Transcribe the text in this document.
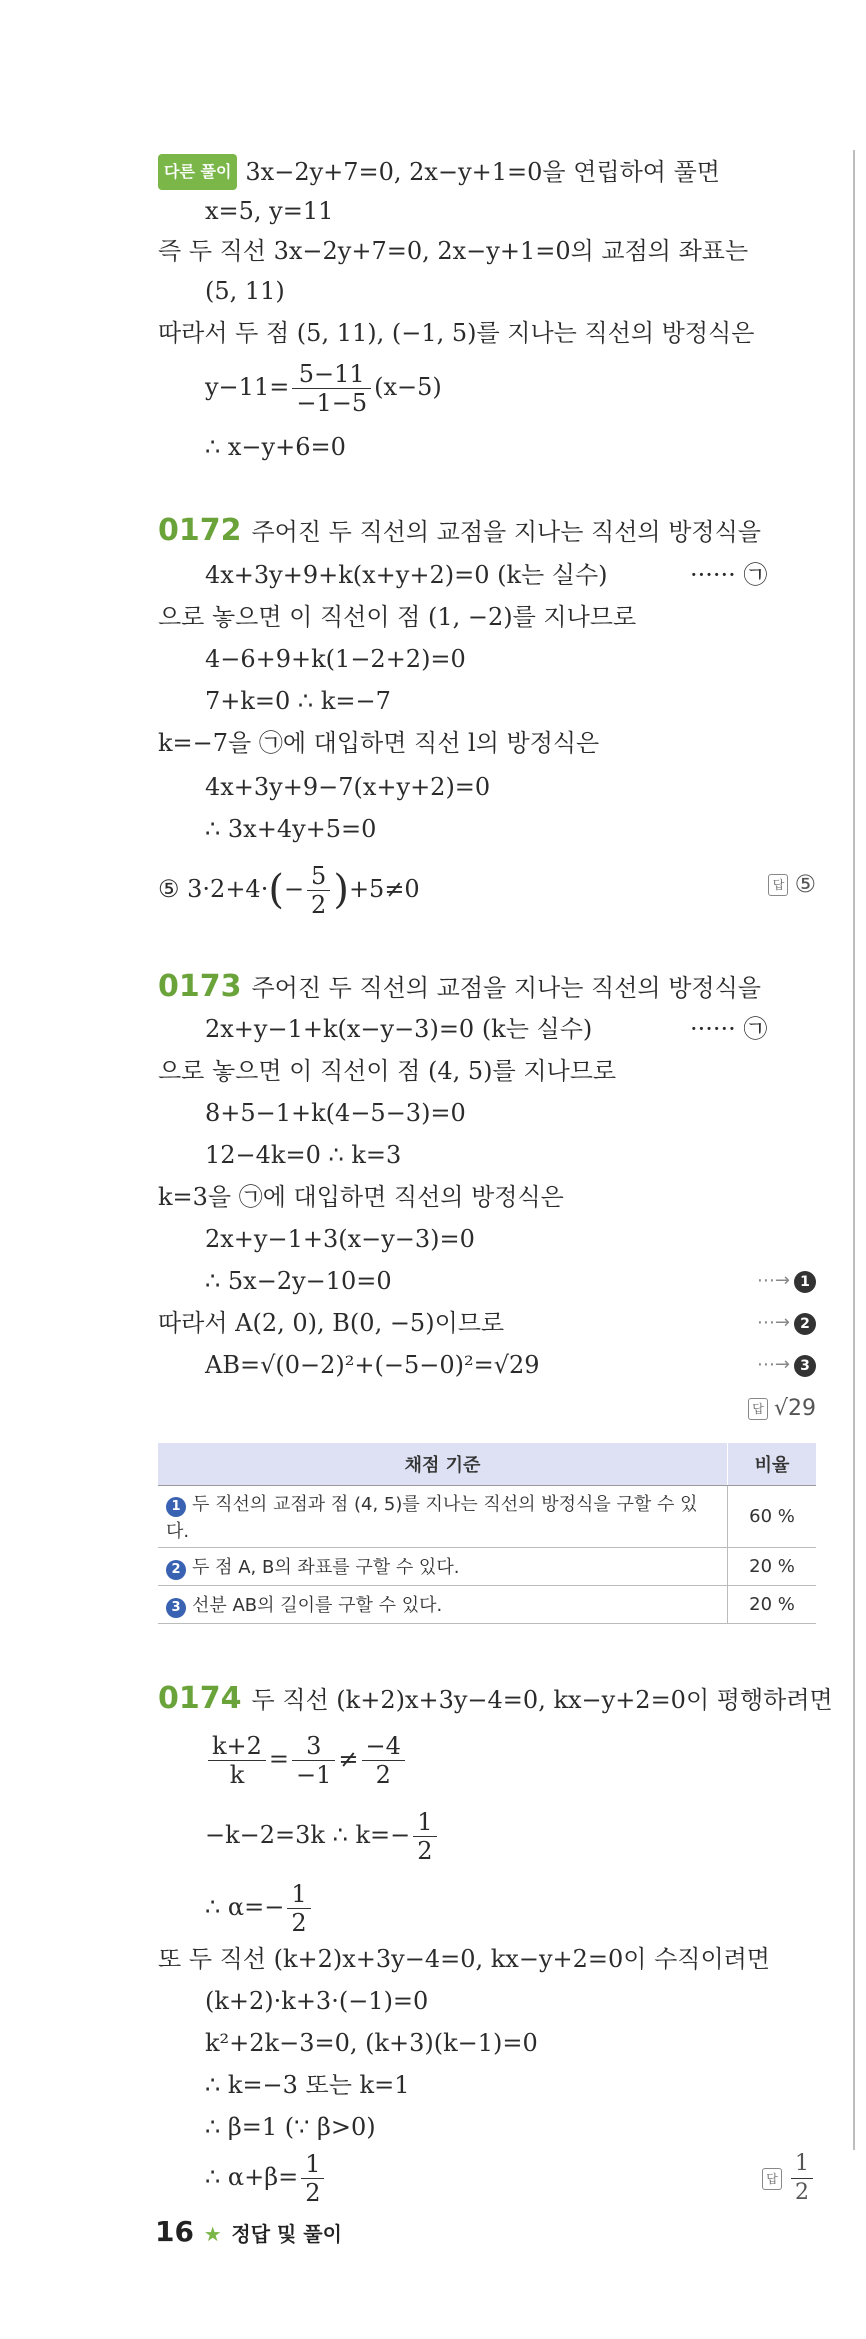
다른 풀이 3x−2y+7=0, 2x−y+1=0을 연립하여 풀면
x=5, y=11
즉 두 직선 3x−2y+7=0, 2x−y+1=0의 교점의 좌표는
(5, 11)
따라서 두 점 (5, 11), (−1, 5)를 지나는 직선의 방정식은
$y-11= \frac{5-11}{-1-5} (x-5)$
∴ x−y+6=0
0172 주어진 두 직선의 교점을 지나는 직선의 방정식을
4x+3y+9+k(x+y+2)=0 (k는 실수)	······ ㉠
으로 놓으면 이 직선이 점 (1, −2)를 지나므로
4−6+9+k(1−2+2)=0
7+k=0 ∴ k=−7
k=−7을 ㉠에 대입하면 직선 l의 방정식은
4x+3y+9−7(x+y+2)=0
∴ 3x+4y+5=0
⑤ $3\cdot 2+4\cdot(- \frac{5}{2} )+5\ne 0$	답 ⑤
0173 주어진 두 직선의 교점을 지나는 직선의 방정식을
2x+y−1+k(x−y−3)=0 (k는 실수)	······ ㉠
으로 놓으면 이 직선이 점 (4, 5)를 지나므로
8+5−1+k(4−5−3)=0
12−4k=0 ∴ k=3
k=3을 ㉠에 대입하면 직선의 방정식은
2x+y−1+3(x−y−3)=0
∴ 5x−2y−10=0	⋯→ 1
따라서 A(2, 0), B(0, −5)이므로	⋯→ 2
AB=√(0−2)²+(−5−0)²=√29	⋯→ 3
답 √29
채점 기준	비율
1 두 직선의 교점과 점 (4, 5)를 지나는 직선의 방정식을 구할 수 있다.	60 %
2 두 점 A, B의 좌표를 구할 수 있다.	20 %
3 선분 AB의 길이를 구할 수 있다.	20 %
0174 두 직선 (k+2)x+3y−4=0, kx−y+2=0이 평행하려면
$\frac{k+2}{k} = \frac{3}{-1} \ne \frac{-4}{2}$
−k−2=3k ∴ $k=- \frac{1}{2}$
∴ $\alpha=- \frac{1}{2}$
또 두 직선 (k+2)x+3y−4=0, kx−y+2=0이 수직이려면
(k+2)·k+3·(−1)=0
k²+2k−3=0, (k+3)(k−1)=0
∴ k=−3 또는 k=1
∴ β=1 (∵ β>0)
∴ $\alpha+\beta= \frac{1}{2}$	답 $\frac{1}{2}$
16 ★ 정답 및 풀이
